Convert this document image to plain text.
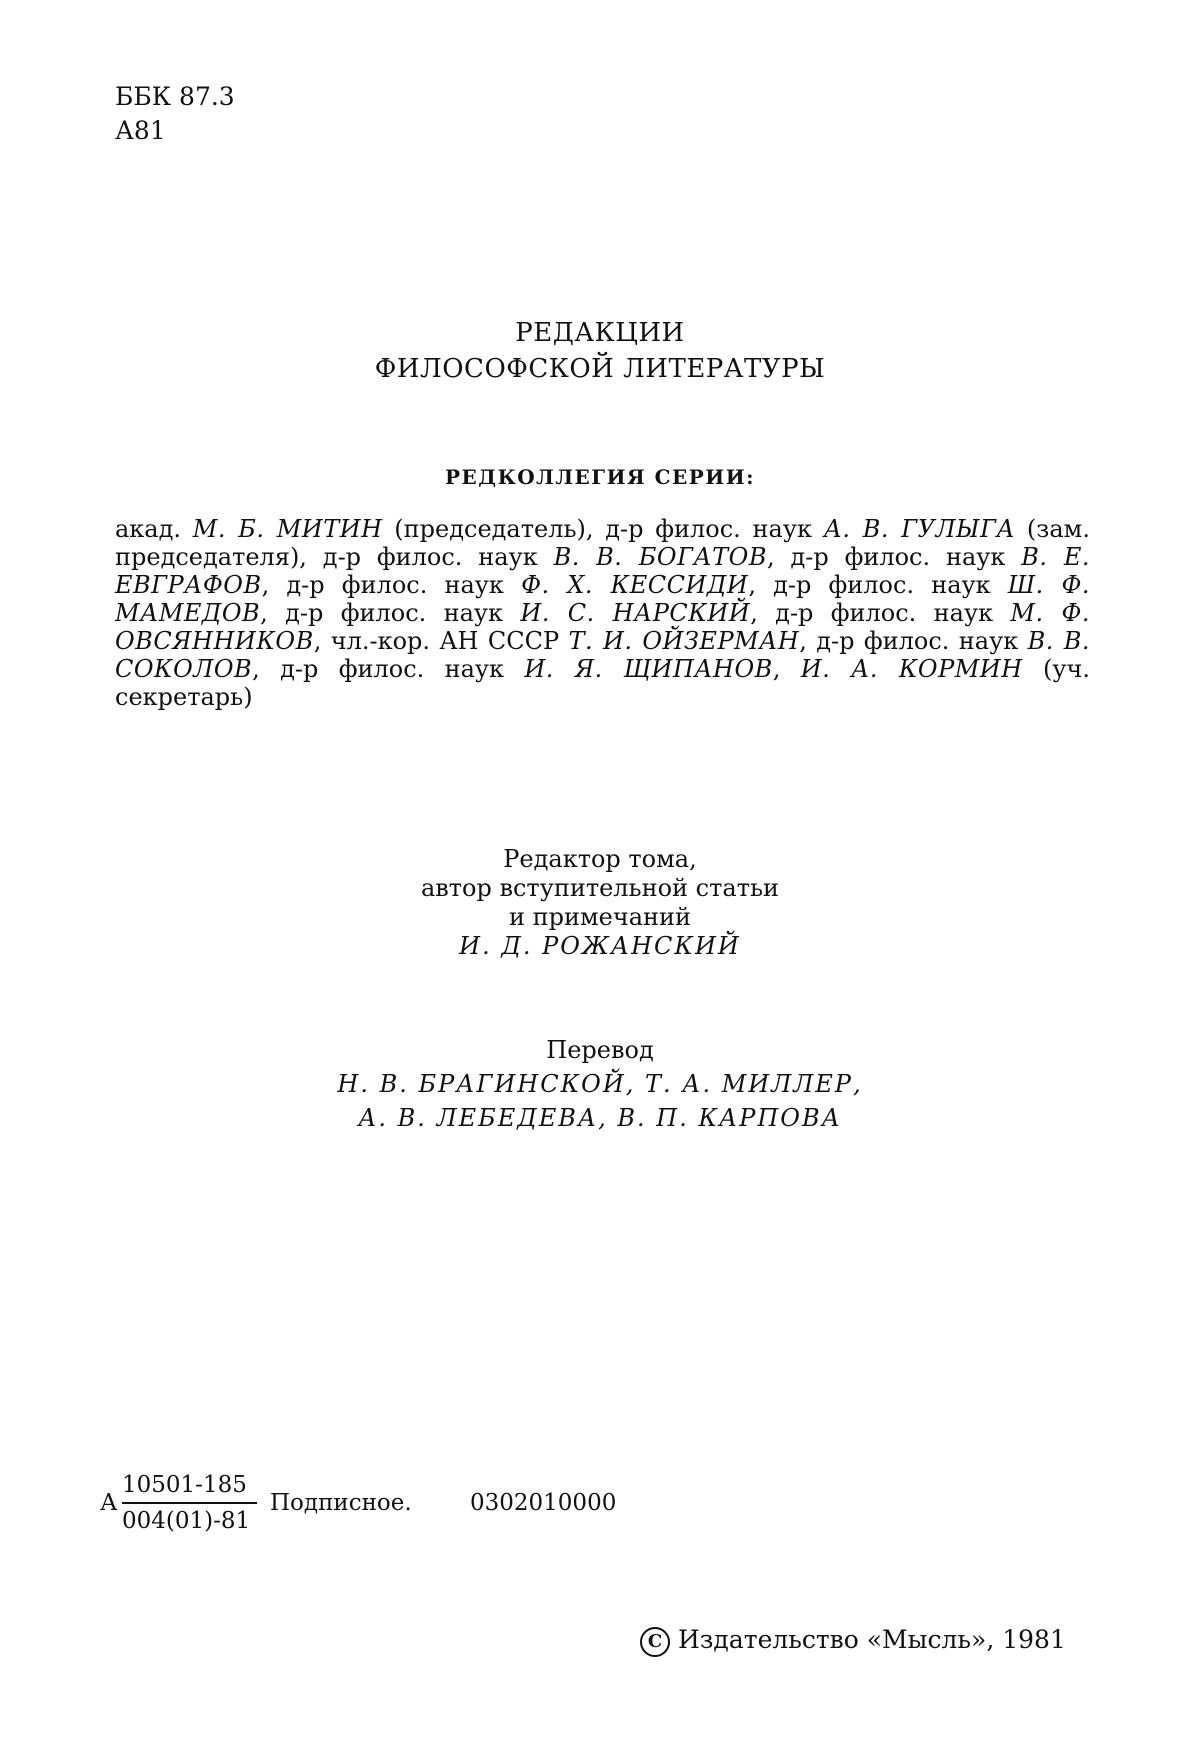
ББК 87.3
А81
РЕДАКЦИИ
ФИЛОСОФСКОЙ ЛИТЕРАТУРЫ
РЕДКОЛЛЕГИЯ СЕРИИ:
акад. М. Б. МИТИН (председатель), д-р филос. наук А. В. ГУЛЫГА (зам. председателя), д-р филос. наук В. В. БОГАТОВ, д-р филос. наук В. Е. ЕВГРАФОВ, д-р филос. наук Ф. Х. КЕССИДИ, д-р филос. наук Ш. Ф. МАМЕДОВ, д-р филос. наук И. С. НАРСКИЙ, д-р филос. наук М. Ф. ОВСЯННИКОВ, чл.-кор. АН СССР Т. И. ОЙЗЕРМАН, д-р филос. наук В. В. СОКОЛОВ, д-р филос. наук И. Я. ЩИПАНОВ, И. А. КОРМИН (уч. секретарь)
Редактор тома,
автор вступительной статьи
и примечаний
И. Д. РОЖАНСКИЙ
Перевод
Н. В. БРАГИНСКОЙ, Т. А. МИЛЛЕР,
А. В. ЛЕБЕДЕВА, В. П. КАРПОВА
А
10501-185
004(01)-81
Подписное.	0302010000
С Издательство «Мысль», 1981
